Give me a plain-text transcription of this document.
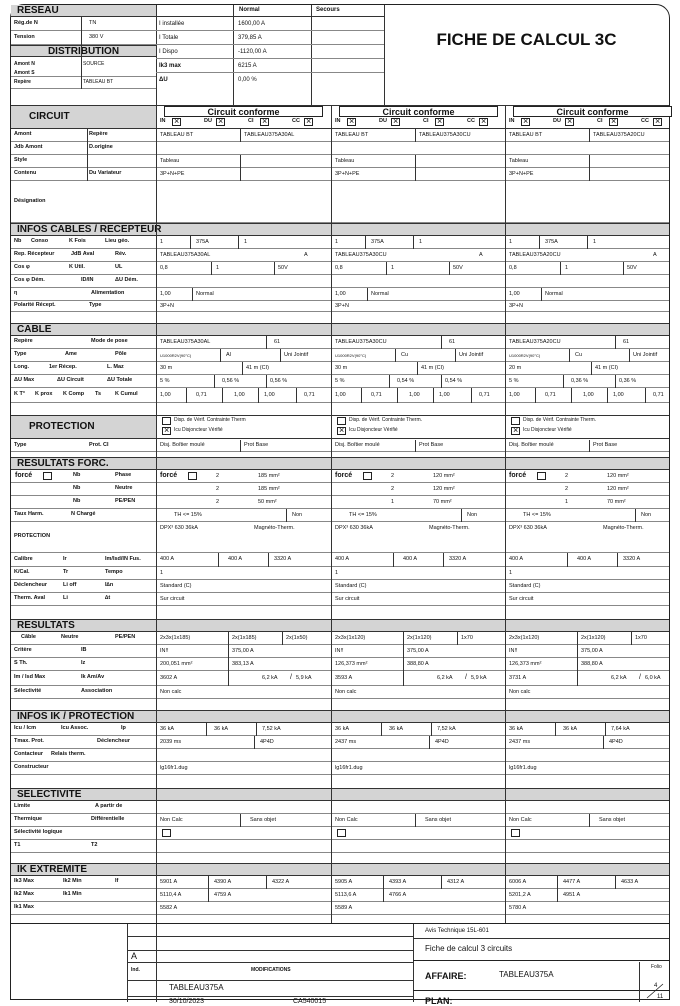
RESEAU	Normal	Secours
Rég.de N	TN
Tension	380 V
DISTRIBUTION
Amont N	SOURCE
Amont S
Repère	TABLEAU BT
I installée	1600,00 A
I Totale	379,85 A
I Dispo	-1120,00 A
Ik3 max	6215 A
ΔU	0,00 %
FICHE DE CALCUL 3C
CIRCUIT
A
Ind.	MODIFICATIONS
TABLEAU375A
30/10/2023	CA540015
Avis Technique 15L-601
Fiche de calcul 3 circuits
AFFAIRE:	TABLEAU375A
PLAN:
Folio
4
11
INFOS CABLES / RECEPTEUR
CABLE
PROTECTION
RESULTATS FORC.
RESULTATS
INFOS IK / PROTECTION
SELECTIVITE
IK EXTREMITE
Amont	Repère
Jdb Amont	D.origine
Style
Contenu	Du Variateur
Désignation
Nb Conso	K Fois	Lieu géo.
Rep. Récepteur	JdB Aval	Rév.
Cos φ	K Util.	UL
Cos φ Dém.	ID/IN	ΔU Dém.
η	Alimentation
Polarité Récept.	Type
Repère	Mode de pose
Type	Ame	Pôle
Long.	1er Récep.	L. Maz
ΔU Max	ΔU Circuit	ΔU Totale
K T° K prox K Comp Ts	K Cumul
Type	Prot. CI
Nb	Phase
Nb	Neutre
Nb	PE/PEN
Taux Harm.	N Chargé
PROTECTION
Calibre	Ir	Im/Isd/IN Fus.
K/Cal.	Tr	Tempo
Déclencheur	Li off	I∆n
Therm. Aval	Li	∆t
Câble	Neutre	PE/PEN
Critère	IB
S Th.	Iz
Im / Isd Max	Ik Am/Av
Sélectivité	Association
Icu / Icm	Icu Assoc.	Ip
Tmax. Prot.	Déclencheur
Contacteur Relais therm.
Constructeur
Limite	A partir de
Thermique	Différentielle
Sélectivité logique
T1	T2
Ik3 Max	Ik2 Min	If
Ik2 Max	Ik1 Min
Ik1 Max
Circuit conforme
IN ×	DU ×	CI ×	CC
×
TABLEAU BT	TABLEAU375A30AL
Tableau
3P+N+PE
1	375A	1
TABLEAU375A30AL	A
0,8	1	50V
1,00	Normal
3P+N
TABLEAU375A30AL	61
U1000R2V(90°C)	Al	Uni Jointif
30 m	41 m (CI)
5 %	0,56 %	0,56 %
1,00	0,71	1,00	1,00	0,71
Disj. Boîtier moulé	Prot Base
2	185 mm²
2	185 mm²
2	50 mm²
TH <= 15%	Non
DPX³ 630 36kA	Magnéto-Therm.
400 A	400 A	3320 A
1
Standard (C)
Sur circuit
2x3x(1x185)	2x(1x185)	2x(1x50)
IN!!	375,00 A
200,051 mm²	383,13 A
3602 A	6,2 kA	5,9 kA
Non calc
36 kA	36 kA	7,52 kA
2039 ms	4P4D
lg16fr1.dug
Non Calc	Sans objet
5901 A	4390 A	4322 A
5110,4 A	4759 A
5582 A
Disp. de Vérif. Contrainte Therm
×
Icu Disjoncteur Vérifié
forcé
/
Circuit conforme
IN ×	DU ×	CI ×	CC
×
TABLEAU BT	TABLEAU375A30CU
Tableau
3P+N+PE
1	375A	1
TABLEAU375A30CU	A
0,8	1	50V
1,00	Normal
3P+N
TABLEAU375A30CU	61
U1000R2V(90°C)	Cu	Uni Jointif
30 m	41 m (CI)
5 %	0,54 %	0,54 %
1,00	0,71	1,00	1,00	0,71
Disj. Boîtier moulé	Prot Base
2	120 mm²
2	120 mm²
1	70 mm²
TH <= 15%	Non
DPX³ 630 36kA	Magnéto-Therm.
400 A	400 A	3320 A
1
Standard (C)
Sur circuit
2x3x(1x120)	2x(1x120)	1x70
IN!!	375,00 A
126,373 mm²	388,80 A
3593 A	6,2 kA	5,9 kA
Non calc
36 kA	36 kA	7,52 kA
2437 ms	4P4D
lg16fr1.dug
Non Calc	Sans objet
5905 A	4393 A	4312 A
5113,6 A	4766 A
5589 A
Disp. de Vérif. Contrainte Therm.
×
Icu Disjoncteur Vérifié
forcé
/
Circuit conforme
IN ×	DU ×	CI ×	CC
×
TABLEAU BT	TABLEAU375A20CU
Tableau
3P+N+PE
1	375A	1
TABLEAU375A20CU	A
0,8	1	50V
1,00	Normal
3P+N
TABLEAU375A20CU	61
U1000R2V(90°C)	Cu	Uni Jointif
20 m	41 m (CI)
5 %	0,36 %	0,36 %
1,00	0,71	1,00	1,00	0,71
Disj. Boîtier moulé	Prot Base
2	120 mm²
2	120 mm²
1	70 mm²
TH <= 15%	Non
DPX³ 630 36kA	Magnéto-Therm.
400 A	400 A	3320 A
1
Standard (C)
Sur circuit
2x3x(1x120)	2x(1x120)	1x70
IN!!	375,00 A
126,373 mm²	388,80 A
3731 A	6,2 kA	6,0 kA
Non calc
36 kA	36 kA	7,64 kA
2437 ms	4P4D
lg16fr1.dug
Non Calc	Sans objet
6006 A	4477 A	4633 A
5201,2 A	4951 A
5780 A
Disp. de Vérif. Contrainte Therm.
×
Icu Disjoncteur Vérifié
forcé
/
forcé
